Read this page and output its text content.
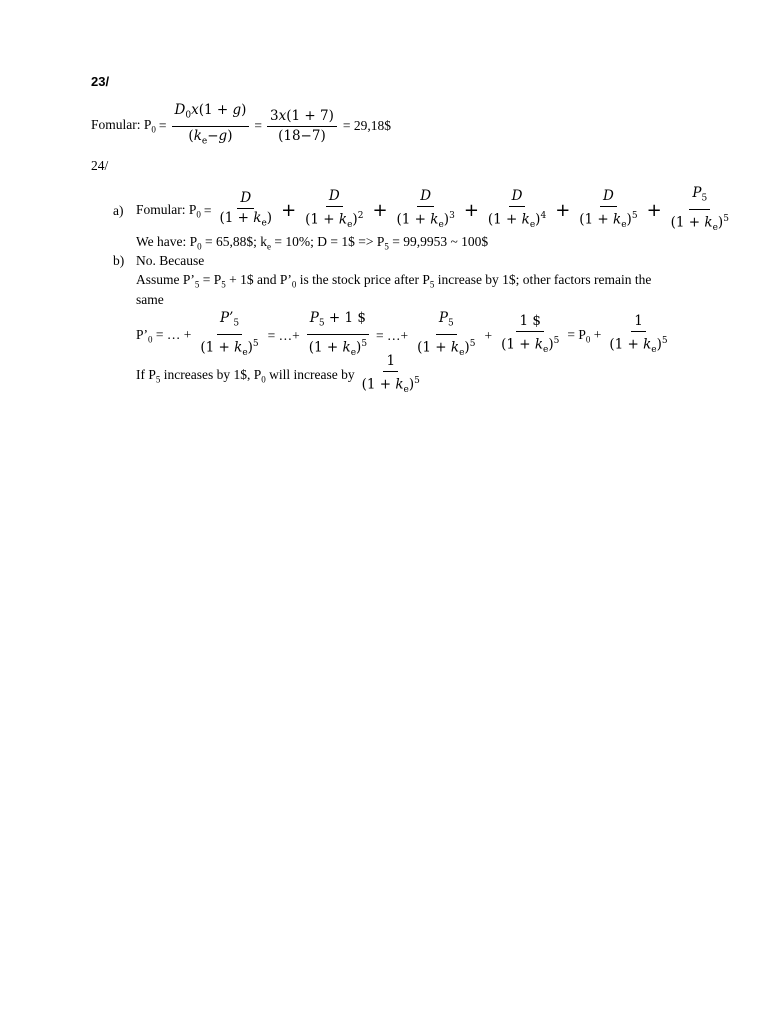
23/
Fomular: $P_0 = \frac{D_0x(1 + g)}{(k_e-g)} = \frac{3x(1 + 7)}{(18-7)}$ = 29,18$
24/
a) Fomular: $P_0 = \frac{D}{(1 + k_e)} + \frac{D}{(1 + k_e)^2} + \frac{D}{(1 + k_e)^3} + \frac{D}{(1 + k_e)^4} + \frac{D}{(1 + k_e)^5} + \frac{P_5}{(1 + k_e)^5}$
We have: $P_0$ = 65,88$; $k_e = 10\%$; D = 1$ => $P_5 = 99,9953$ ~ 100$
b) No. Because
Assume $P’_5 = P_5$ + 1$ and $P’_0$ is the stock price after $P_5$ increase by 1$; other factors remain the
same
$P’_0$ = … + $\frac{P’_5}{(1 + k_e)^5}$ = …+ $\frac{P_5 + 1 \$}{(1 + k_e)^5}$ = …+ $\frac{P_5}{(1 + k_e)^5} + \frac{1 \$}{(1 + k_e)^5} = P_0 + \frac{1}{(1 + k_e)^5}$
If $P_5$ increases by 1$, $P_0$ will increase by $\frac{1}{(1 + k_e)^5}$
